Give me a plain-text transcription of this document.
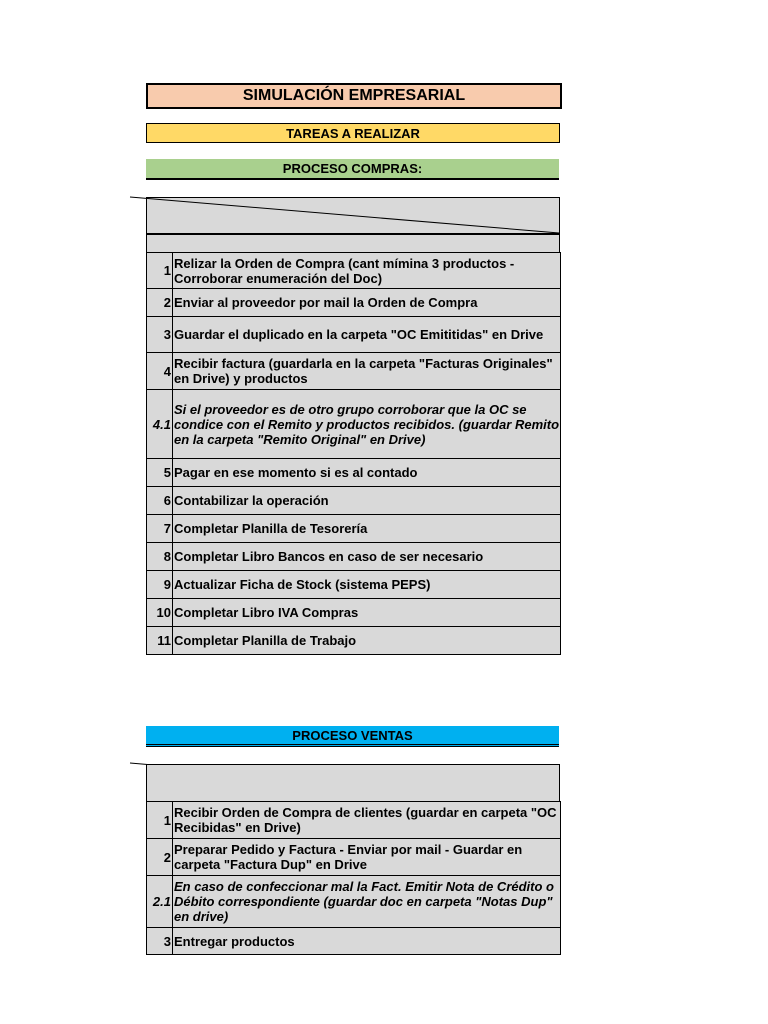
SIMULACIÓN EMPRESARIAL
TAREAS A REALIZAR
PROCESO COMPRAS:
1	Relizar la Orden de Compra (cant mímina 3 productos - Corroborar enumeración del Doc)
2	Enviar al proveedor por mail la Orden de Compra
3	Guardar el duplicado en la carpeta "OC Emititidas" en Drive
4	Recibir factura (guardarla en la carpeta "Facturas Originales" en Drive) y productos
4.1	Si el proveedor es de otro grupo corroborar que la OC se condice con el Remito y productos recibidos. (guardar Remito en la carpeta "Remito Original" en Drive)
5	Pagar en ese momento si es al contado
6	Contabilizar la operación
7	Completar Planilla de Tesorería
8	Completar Libro Bancos en caso de ser necesario
9	Actualizar Ficha de Stock (sistema PEPS)
10	Completar Libro IVA Compras
11	Completar Planilla de Trabajo
PROCESO VENTAS
1	Recibir Orden de Compra de clientes (guardar en carpeta "OC Recibidas" en Drive)
2	Preparar Pedido y Factura - Enviar por mail - Guardar en carpeta "Factura Dup" en Drive
2.1	En caso de confeccionar mal la Fact. Emitir Nota de Crédito o Débito correspondiente (guardar doc en carpeta "Notas Dup" en drive)
3	Entregar productos
